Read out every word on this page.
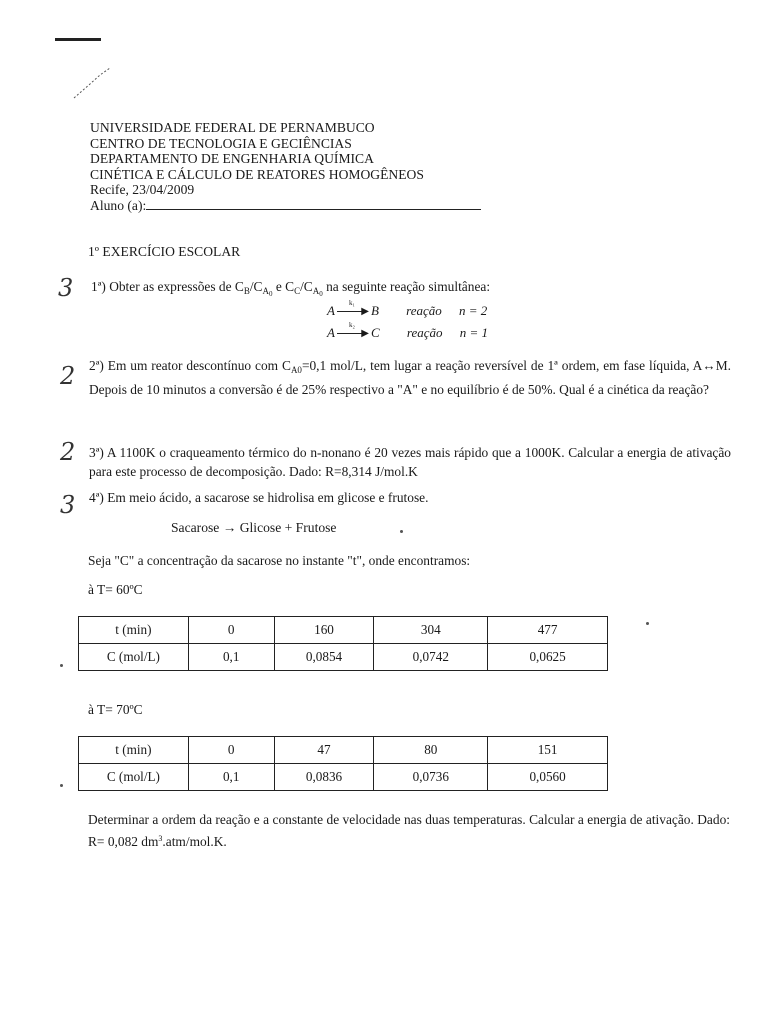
UNIVERSIDADE FEDERAL DE PERNAMBUCO
CENTRO DE TECNOLOGIA E GECIÊNCIAS
DEPARTAMENTO DE ENGENHARIA QUÍMICA
CINÉTICA E CÁLCULO DE REATORES HOMOGÊNEOS
Recife, 23/04/2009
Aluno (a):
1º EXERCÍCIO ESCOLAR
3
2
2
3
1ª) Obter as expressões de $C_B/C_{A0}$ e $C_C/C_{A0}$ na seguinte reação simultânea:
A k₁
▶ B reação n = 2
A k₂
▶ C reação n = 1
2ª) Em um reator descontínuo com $C_{A0}=0,1$ mol/L, tem lugar a reação reversível de 1ª ordem, em fase líquida, A↔M. Depois de 10 minutos a conversão é de 25% respectivo a "A" e no equilíbrio é de 50%. Qual é a cinética da reação?
3ª) A 1100K o craqueamento térmico do n-nonano é 20 vezes mais rápido que a 1000K. Calcular a energia de ativação para este processo de decomposição. Dado: R=8,314 J/mol.K
4ª) Em meio ácido, a sacarose se hidrolisa em glicose e frutose.
Sacarose → Glicose + Frutose
Seja "C" a concentração da sacarose no instante "t", onde encontramos:
à T= 60ºC
t (min)	0	160	304	477
C (mol/L)	0,1	0,0854	0,0742	0,0625
à T= 70ºC
t (min)	0	47	80	151
C (mol/L)	0,1	0,0836	0,0736	0,0560
Determinar a ordem da reação e a constante de velocidade nas duas temperaturas. Calcular a energia de ativação. Dado: R= 0,082 $dm^3.atm/mol.K$.
